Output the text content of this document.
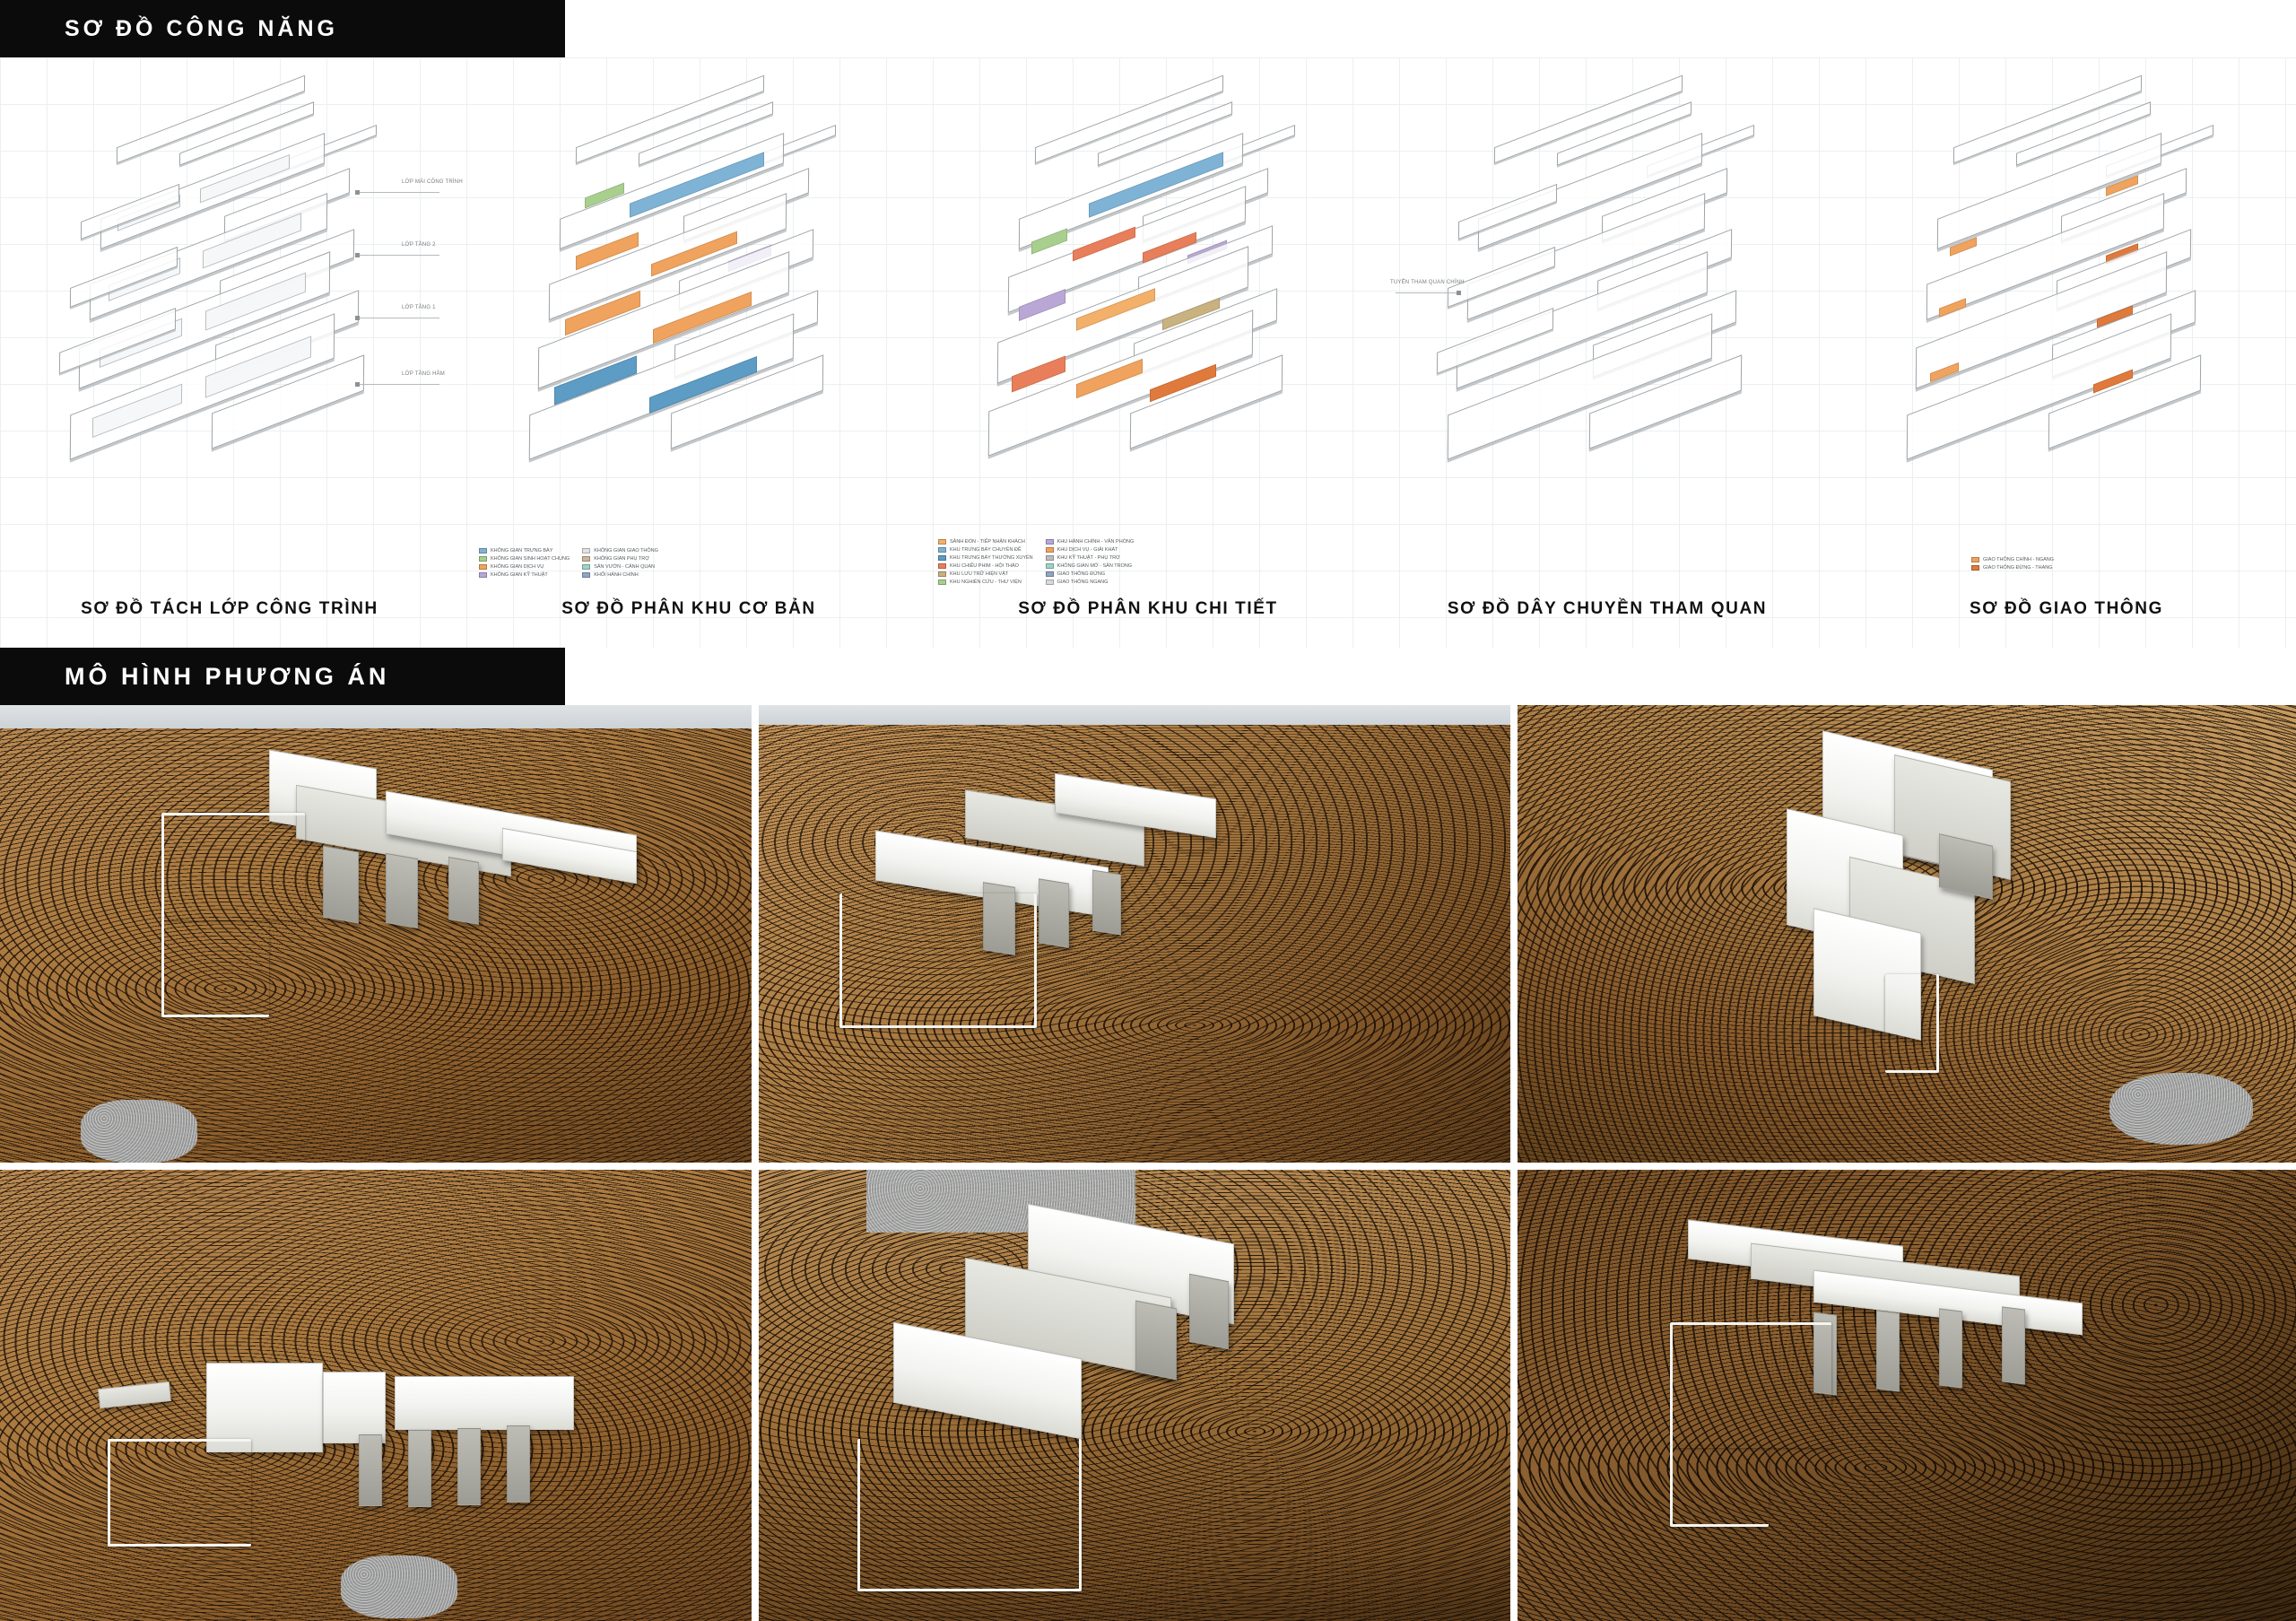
SƠ ĐỒ CÔNG NĂNG
LỚP MÁI CÔNG TRÌNH
LỚP TẦNG 2
LỚP TẦNG 1
LỚP TẦNG HẦM
SƠ ĐỒ TÁCH LỚP CÔNG TRÌNH
KHÔNG GIAN TRƯNG BÀY
KHÔNG GIAN SINH HOẠT CHUNG
KHÔNG GIAN DỊCH VỤ
KHÔNG GIAN KỸ THUẬT
KHÔNG GIAN GIAO THÔNG
KHÔNG GIAN PHỤ TRỢ
SÂN VƯỜN - CẢNH QUAN
KHỐI HÀNH CHÍNH
SƠ ĐỒ PHÂN KHU CƠ BẢN
SẢNH ĐÓN - TIẾP NHẬN KHÁCH
KHU TRƯNG BÀY CHUYÊN ĐỀ
KHU TRƯNG BÀY THƯỜNG XUYÊN
KHU CHIẾU PHIM - HỘI THẢO
KHU LƯU TRỮ HIỆN VẬT
KHU NGHIÊN CỨU - THƯ VIỆN
KHU HÀNH CHÍNH - VĂN PHÒNG
KHU DỊCH VỤ - GIẢI KHÁT
KHU KỸ THUẬT - PHỤ TRỢ
KHÔNG GIAN MỞ - SÂN TRONG
GIAO THÔNG ĐỨNG
GIAO THÔNG NGANG
SƠ ĐỒ PHÂN KHU CHI TIẾT
TUYẾN THAM QUAN CHÍNH
SƠ ĐỒ DÂY CHUYỀN THAM QUAN
GIAO THÔNG CHÍNH - NGANG
GIAO THÔNG ĐỨNG - THANG
SƠ ĐỒ GIAO THÔNG
MÔ HÌNH PHƯƠNG ÁN
